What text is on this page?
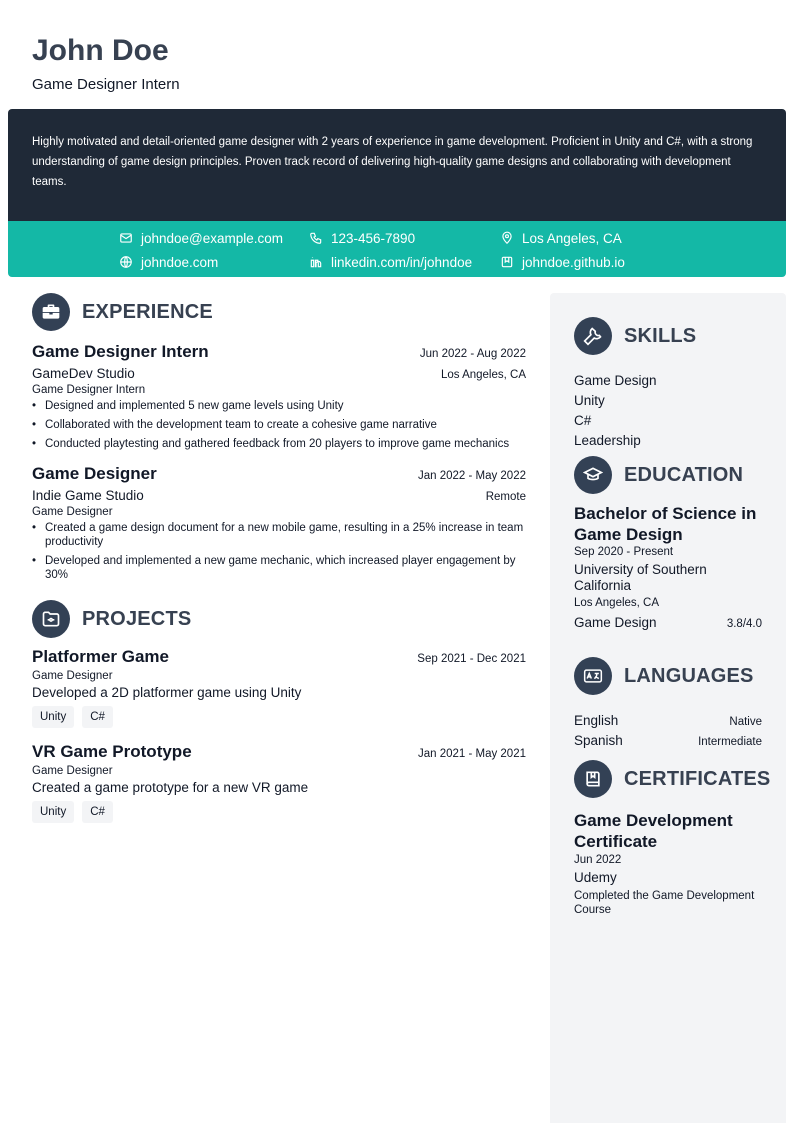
John Doe
Game Designer Intern

Highly motivated and detail-oriented game designer with 2 years of experience in game development. Proficient in Unity and C#, with a strong understanding of game design principles. Proven track record of delivering high-quality game designs and collaborating with development teams.

johndoe@example.com	123-456-7890	Los Angeles, CA
johndoe.com	linkedin.com/in/johndoe	johndoe.github.io
EXPERIENCE
Game Designer Intern	Jun 2022 - Aug 2022
GameDev Studio	Los Angeles, CA
Game Designer Intern
• Designed and implemented 5 new game levels using Unity
• Collaborated with the development team to create a cohesive game narrative
• Conducted playtesting and gathered feedback from 20 players to improve game mechanics
Game Designer	Jan 2022 - May 2022
Indie Game Studio	Remote
Game Designer
• Created a game design document for a new mobile game, resulting in a 25% increase in team productivity
• Developed and implemented a new game mechanic, which increased player engagement by 30%
PROJECTS
Platformer Game	Sep 2021 - Dec 2021
Game Designer
Developed a 2D platformer game using Unity
Unity	C#
VR Game Prototype	Jan 2021 - May 2021
Game Designer
Created a game prototype for a new VR game
Unity	C#
SKILLS
Game Design
Unity
C#
Leadership
EDUCATION
Bachelor of Science in Game Design
Sep 2020 - Present
University of Southern California
Los Angeles, CA
Game Design	3.8/4.0
LANGUAGES
English	Native
Spanish	Intermediate
CERTIFICATES
Game Development Certificate
Jun 2022
Udemy
Completed the Game Development Course
